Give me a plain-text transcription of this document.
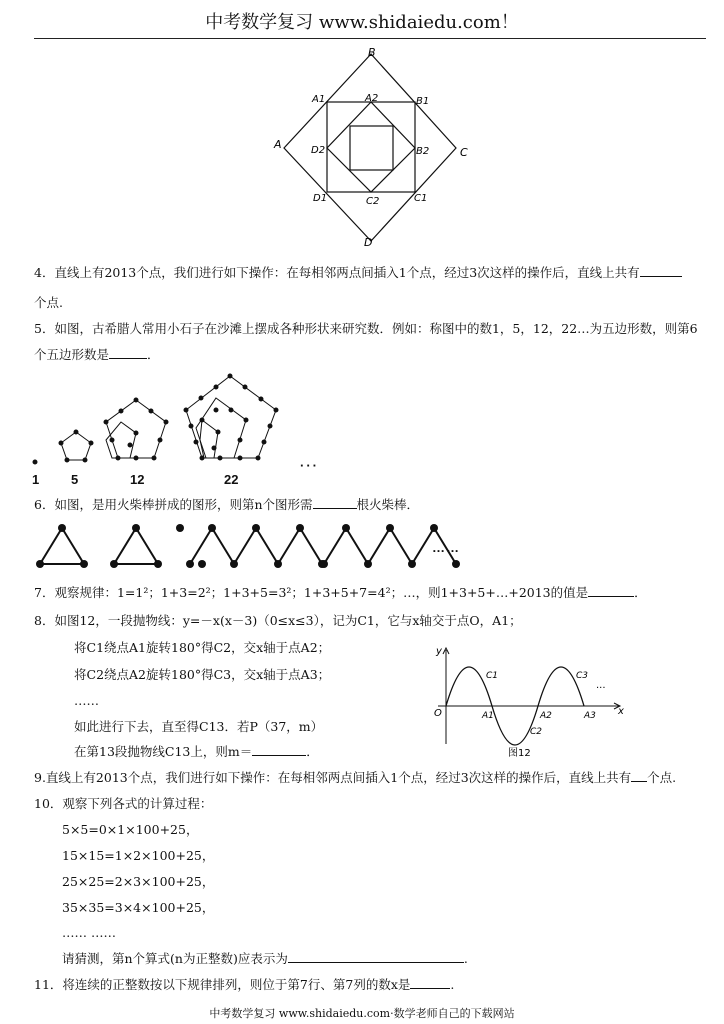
中考数学复习 www.shidaiedu.com！
B
A
C
D
A1	A2	B1
D2	B2
D1	C2	C1
4．直线上有2013个点，我们进行如下操作：在每相邻两点间插入1个点，经过3次这样的操作后，直线上共有
个点.
5．如图，古希腊人常用小石子在沙滩上摆成各种形状来研究数．例如：称图中的数1，5，12，22…为五边形数，则第6
个五边形数是	．
1 5	12	22
···
6．如图，是用火柴棒拼成的图形，则第n个图形需	根火柴棒．
……
7．观察规律：1=1²；1+3=2²；1+3+5=3²；1+3+5+7=4²；…，则1+3+5+…+2013的值是	．
8．如图12，一段抛物线：y=－x(x－3)（0≤x≤3），记为C1，它与x轴交于点O，A1；
将C1绕点A1旋转180°得C2，交x轴于点A2；
将C2绕点A2旋转180°得C3，交x轴于点A3；
……
如此进行下去，直至得C13．若P（37，m）
在第13段抛物线C13上，则m＝	．
y
x
O	A1	A2	A3
C1
C2
C3
...
图12
9.直线上有2013个点，我们进行如下操作：在每相邻两点间插入1个点，经过3次这样的操作后，直线上共有 个点.
10．观察下列各式的计算过程：
5×5=0×1×100+25，
15×15=1×2×100+25，
25×25=2×3×100+25，
35×35=3×4×100+25，
…… ……
请猜测，第n个算式(n为正整数)应表示为	.
11．将连续的正整数按以下规律排列，则位于第7行、第7列的数x是	.
中考数学复习 www.shidaiedu.com·数学老师自己的下载网站
